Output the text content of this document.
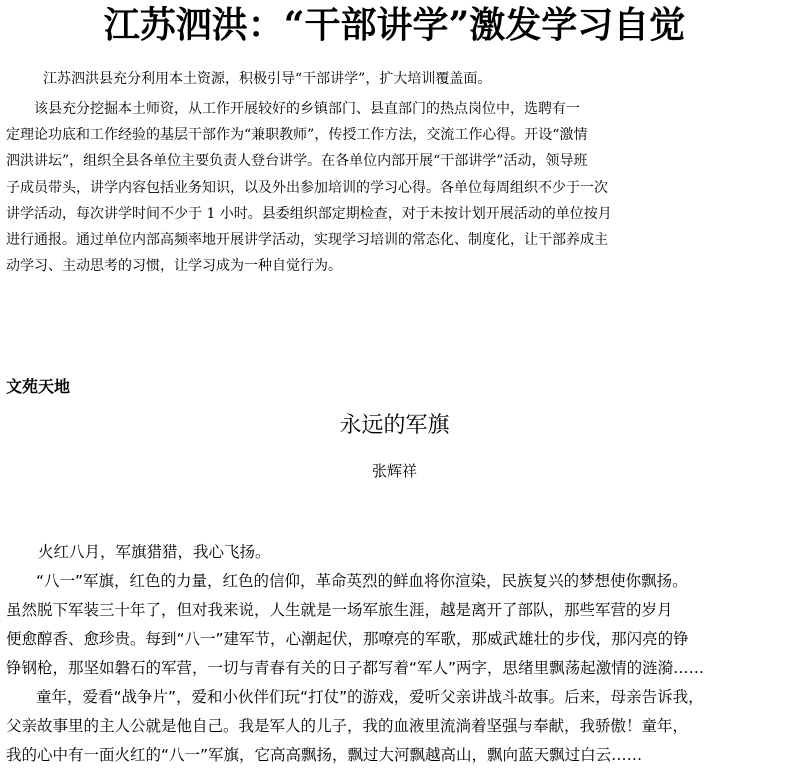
江苏泗洪：“干部讲学”激发学习自觉
江苏泗洪县充分利用本土资源，积极引导“干部讲学”，扩大培训覆盖面。
　　该县充分挖掘本土师资，从工作开展较好的乡镇部门、县直部门的热点岗位中，选聘有一
定理论功底和工作经验的基层干部作为“兼职教师”，传授工作方法，交流工作心得。开设“激情
泗洪讲坛”，组织全县各单位主要负责人登台讲学。在各单位内部开展“干部讲学”活动，领导班
子成员带头，讲学内容包括业务知识，以及外出参加培训的学习心得。各单位每周组织不少于一次
讲学活动，每次讲学时间不少于 1 小时。县委组织部定期检查，对于未按计划开展活动的单位按月
进行通报。通过单位内部高频率地开展讲学活动，实现学习培训的常态化、制度化，让干部养成主
动学习、主动思考的习惯，让学习成为一种自觉行为。
文苑天地
永远的军旗
张辉祥
火红八月，军旗猎猎，我心飞扬。
“八一”军旗，红色的力量，红色的信仰，革命英烈的鲜血将你渲染，民族复兴的梦想使你飘扬。
虽然脱下军装三十年了，但对我来说，人生就是一场军旅生涯，越是离开了部队，那些军营的岁月
便愈醇香、愈珍贵。每到“八一”建军节，心潮起伏，那嘹亮的军歌，那威武雄壮的步伐，那闪亮的铮
铮钢枪，那坚如磐石的军营，一切与青春有关的日子都写着“军人”两字，思绪里飘荡起激情的涟漪……
童年，爱看“战争片”，爱和小伙伴们玩“打仗”的游戏，爱听父亲讲战斗故事。后来，母亲告诉我，
父亲故事里的主人公就是他自己。我是军人的儿子，我的血液里流淌着坚强与奉献，我骄傲！童年，
我的心中有一面火红的“八一”军旗，它高高飘扬，飘过大河飘越高山，飘向蓝天飘过白云……
